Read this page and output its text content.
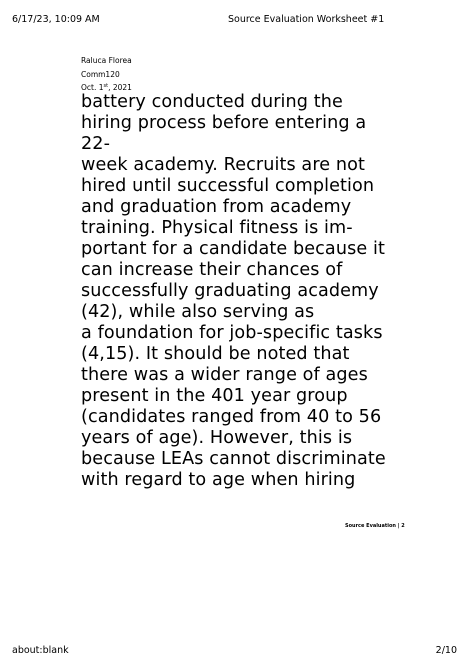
6/17/23, 10:09 AM	Source Evaluation Worksheet #1
Raluca Florea
Comm120
Oct. 1st, 2021
battery conducted during the
hiring process before entering a
22-
week academy. Recruits are not
hired until successful completion
and graduation from academy
training. Physical fitness is im-
portant for a candidate because it
can increase their chances of
successfully graduating academy
(42), while also serving as
a foundation for job-specific tasks
(4,15). It should be noted that
there was a wider range of ages
present in the 401 year group
(candidates ranged from 40 to 56
years of age). However, this is
because LEAs cannot discriminate
with regard to age when hiring
Source Evaluation | 2
about:blank	2/10
